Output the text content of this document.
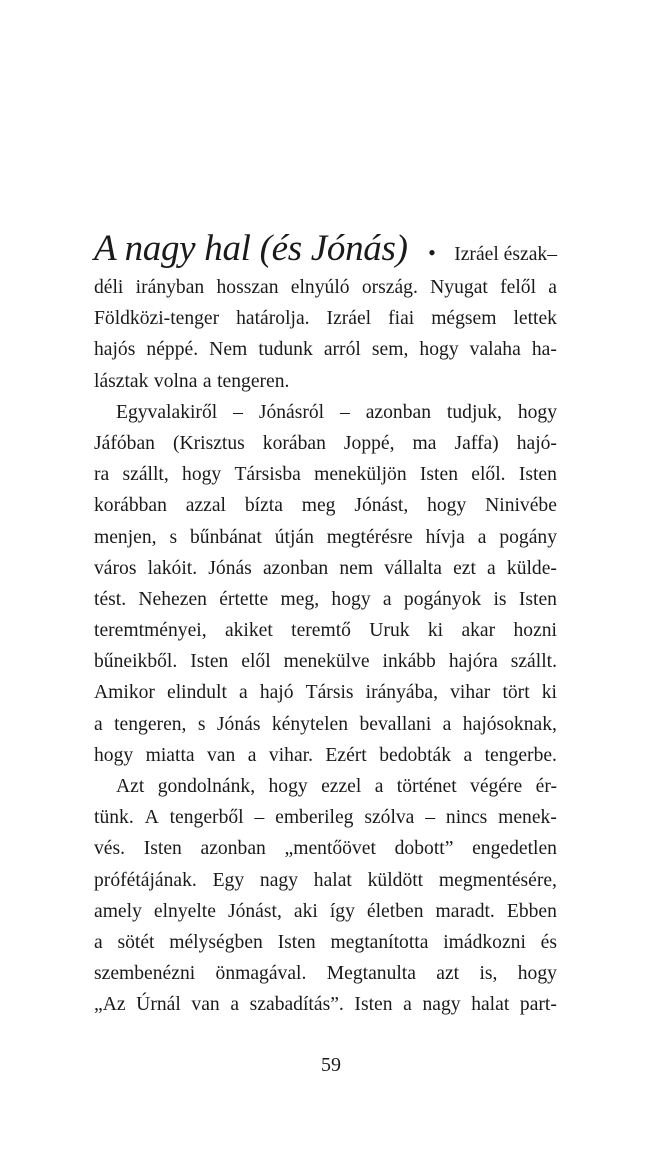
A nagy hal (és Jónás) • Izráel észak–
déli irányban hosszan elnyúló ország. Nyugat felől a
Földközi-tenger határolja. Izráel fiai mégsem lettek
hajós néppé. Nem tudunk arról sem, hogy valaha ha-
lásztak volna a tengeren.
Egyvalakiről – Jónásról – azonban tudjuk, hogy
Jáfóban (Krisztus korában Joppé, ma Jaffa) hajó-
ra szállt, hogy Társisba meneküljön Isten elől. Isten
korábban azzal bízta meg Jónást, hogy Ninivébe
menjen, s bűnbánat útján megtérésre hívja a pogány
város lakóit. Jónás azonban nem vállalta ezt a külde-
tést. Nehezen értette meg, hogy a pogányok is Isten
teremtményei, akiket teremtő Uruk ki akar hozni
bűneikből. Isten elől menekülve inkább hajóra szállt.
Amikor elindult a hajó Társis irányába, vihar tört ki
a tengeren, s Jónás kénytelen bevallani a hajósoknak,
hogy miatta van a vihar. Ezért bedobták a tengerbe.
Azt gondolnánk, hogy ezzel a történet végére ér-
tünk. A tengerből – emberileg szólva – nincs menek-
vés. Isten azonban „mentőövet dobott” engedetlen
prófétájának. Egy nagy halat küldött megmentésére,
amely elnyelte Jónást, aki így életben maradt. Ebben
a sötét mélységben Isten megtanította imádkozni és
szembenézni önmagával. Megtanulta azt is, hogy
„Az Úrnál van a szabadítás”. Isten a nagy halat part-
59
